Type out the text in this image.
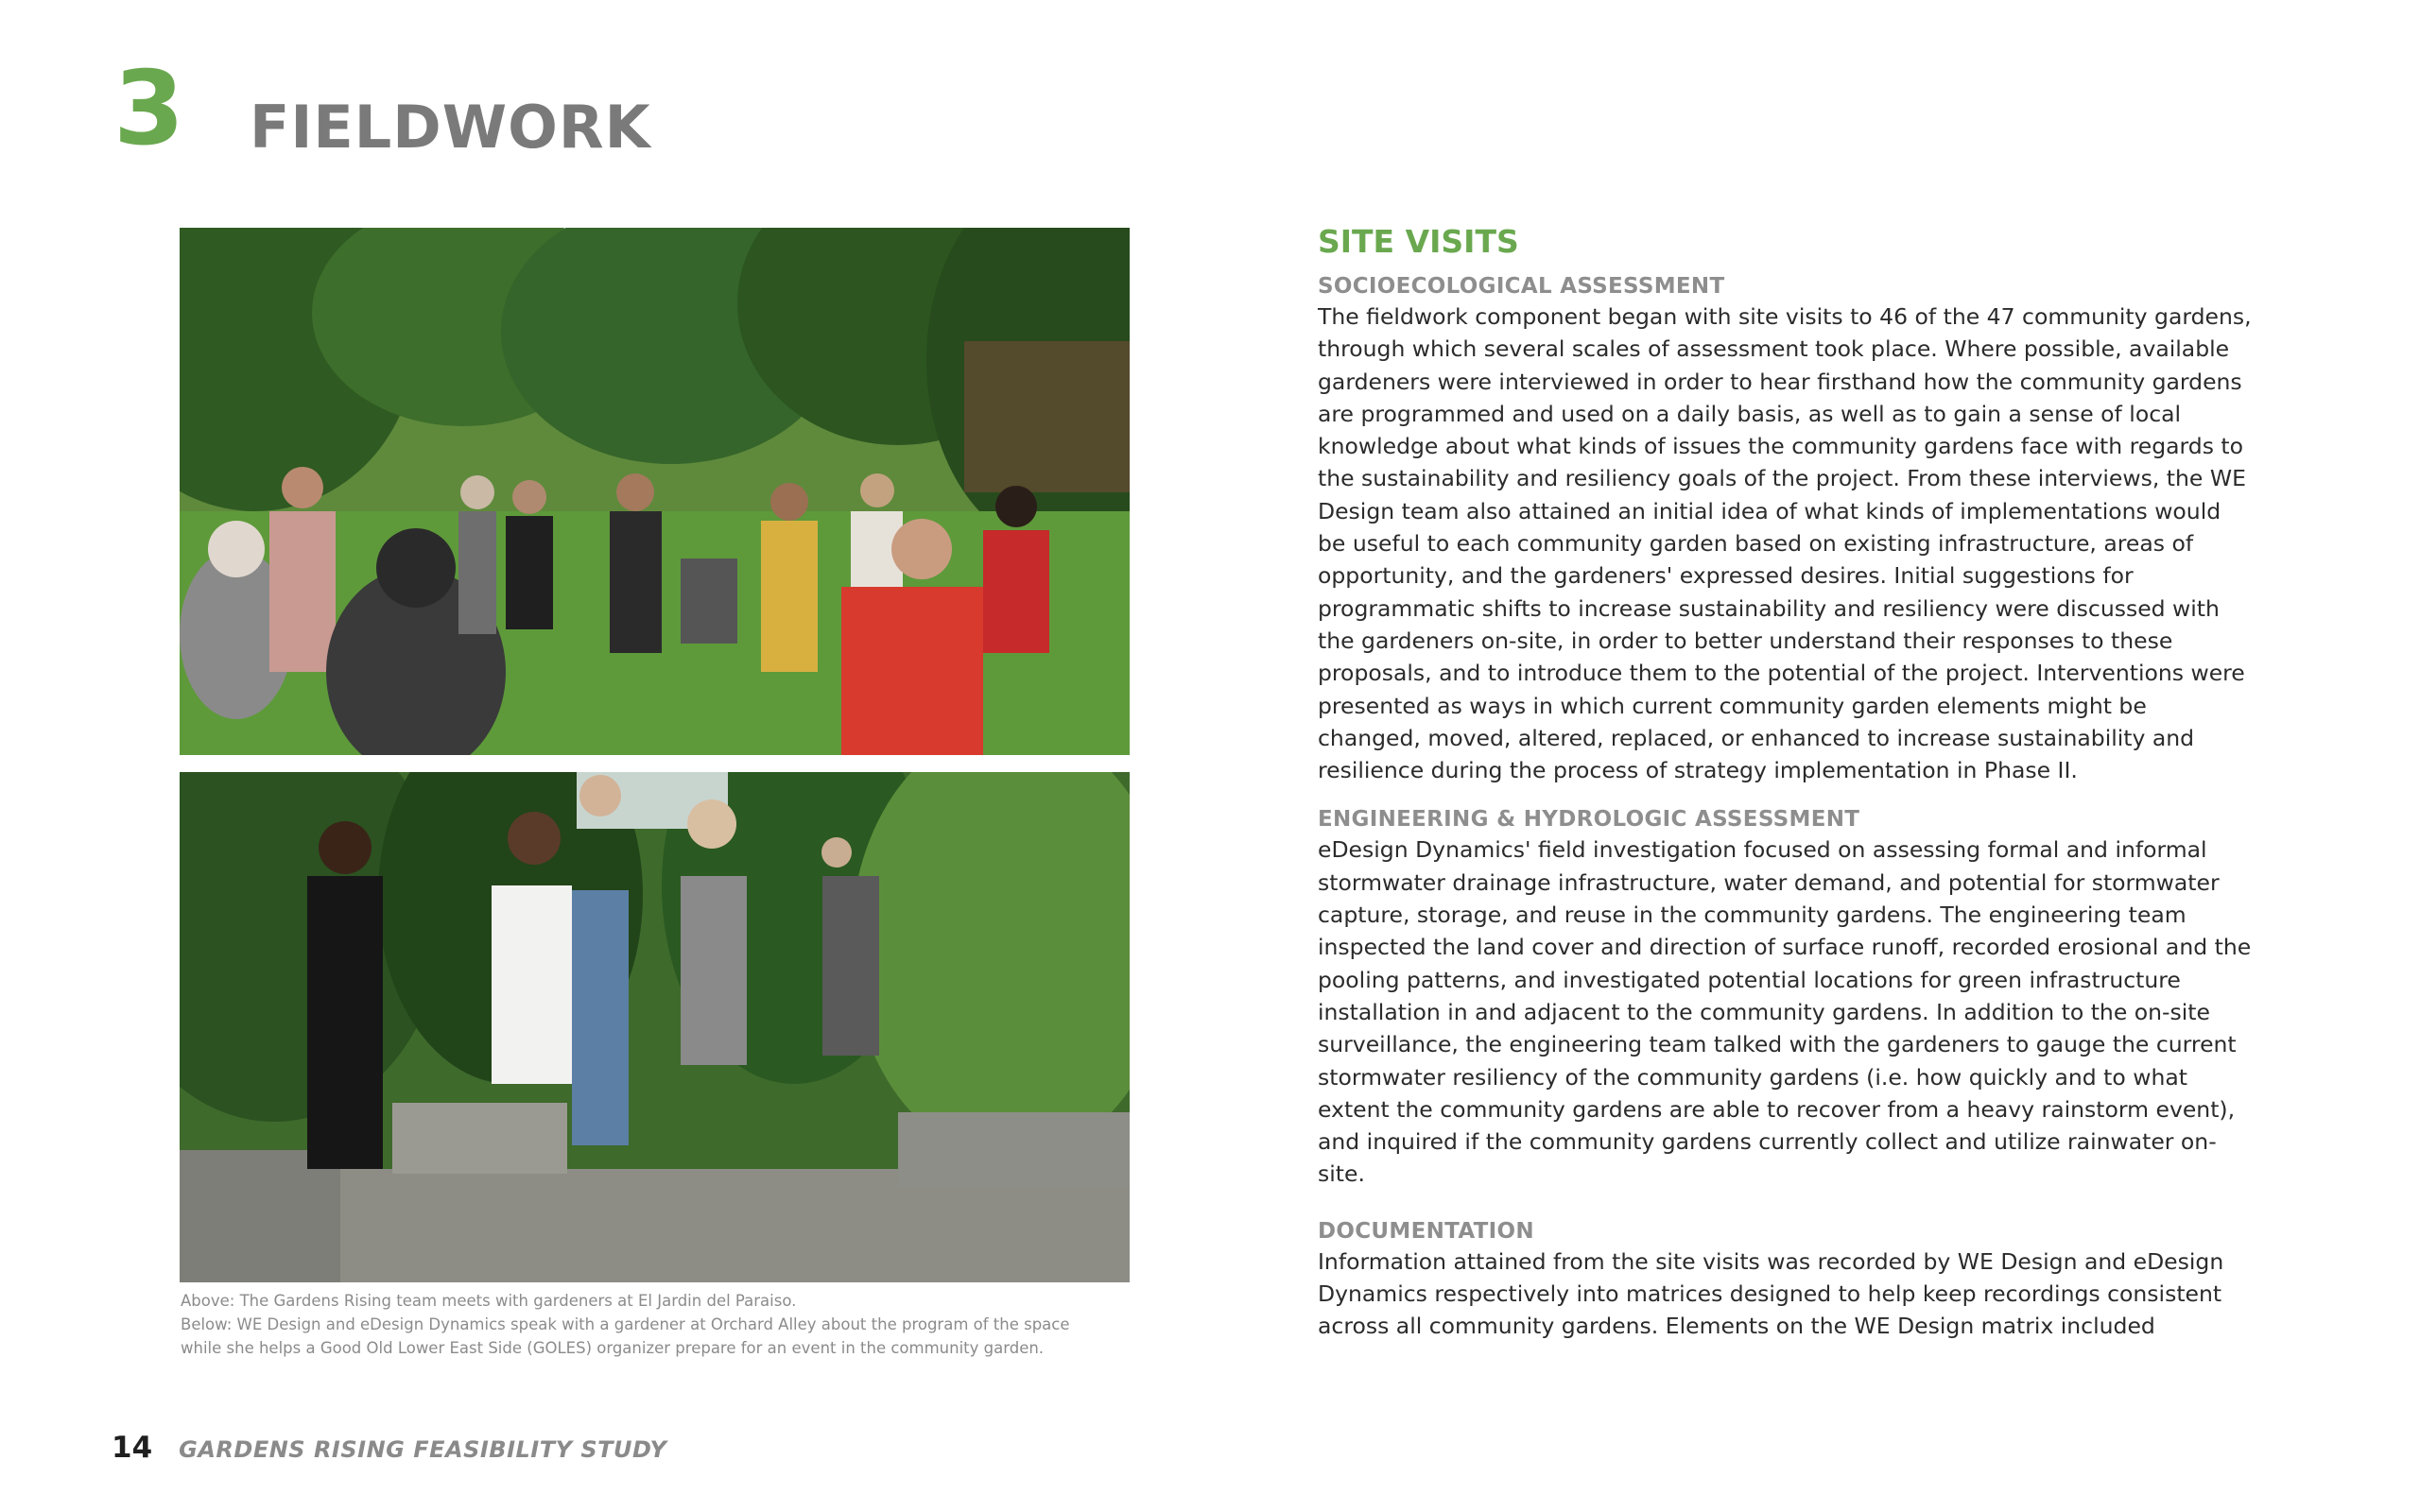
3 FIELDWORK

Above: The Gardens Rising team meets with gardeners at El Jardin del Paraiso.

Below: WE Design and eDesign Dynamics speak with a gardener at Orchard Alley about the program of the space

while she helps a Good Old Lower East Side (GOLES) organizer prepare for an event in the community garden.

SITE VISITS
SOCIOECOLOGICAL ASSESSMENT

The fieldwork component began with site visits to 46 of the 47 community gardens, through which several scales of assessment took place. Where possible, available gardeners were interviewed in order to hear firsthand how the community gardens are programmed and used on a daily basis, as well as to gain a sense of local knowledge about what kinds of issues the community gardens face with regards to the sustainability and resiliency goals of the project. From these interviews, the WE Design team also attained an initial idea of what kinds of implementations would be useful to each community garden based on existing infrastructure, areas of opportunity, and the gardeners' expressed desires. Initial suggestions for programmatic shifts to increase sustainability and resiliency were discussed with the gardeners on-site, in order to better understand their responses to these proposals, and to introduce them to the potential of the project. Interventions were presented as ways in which current community garden elements might be changed, moved, altered, replaced, or enhanced to increase sustainability and resilience during the process of strategy implementation in Phase II.

ENGINEERING & HYDROLOGIC ASSESSMENT

eDesign Dynamics' field investigation focused on assessing formal and informal stormwater drainage infrastructure, water demand, and potential for stormwater capture, storage, and reuse in the community gardens. The engineering team inspected the land cover and direction of surface runoff, recorded erosional and the pooling patterns, and investigated potential locations for green infrastructure installation in and adjacent to the community gardens. In addition to the on-site surveillance, the engineering team talked with the gardeners to gauge the current stormwater resiliency of the community gardens (i.e. how quickly and to what extent the community gardens are able to recover from a heavy rainstorm event), and inquired if the community gardens currently collect and utilize rainwater on-site.

DOCUMENTATION

Information attained from the site visits was recorded by WE Design and eDesign Dynamics respectively into matrices designed to help keep recordings consistent across all community gardens. Elements on the WE Design matrix included

14 GARDENS RISING FEASIBILITY STUDY
